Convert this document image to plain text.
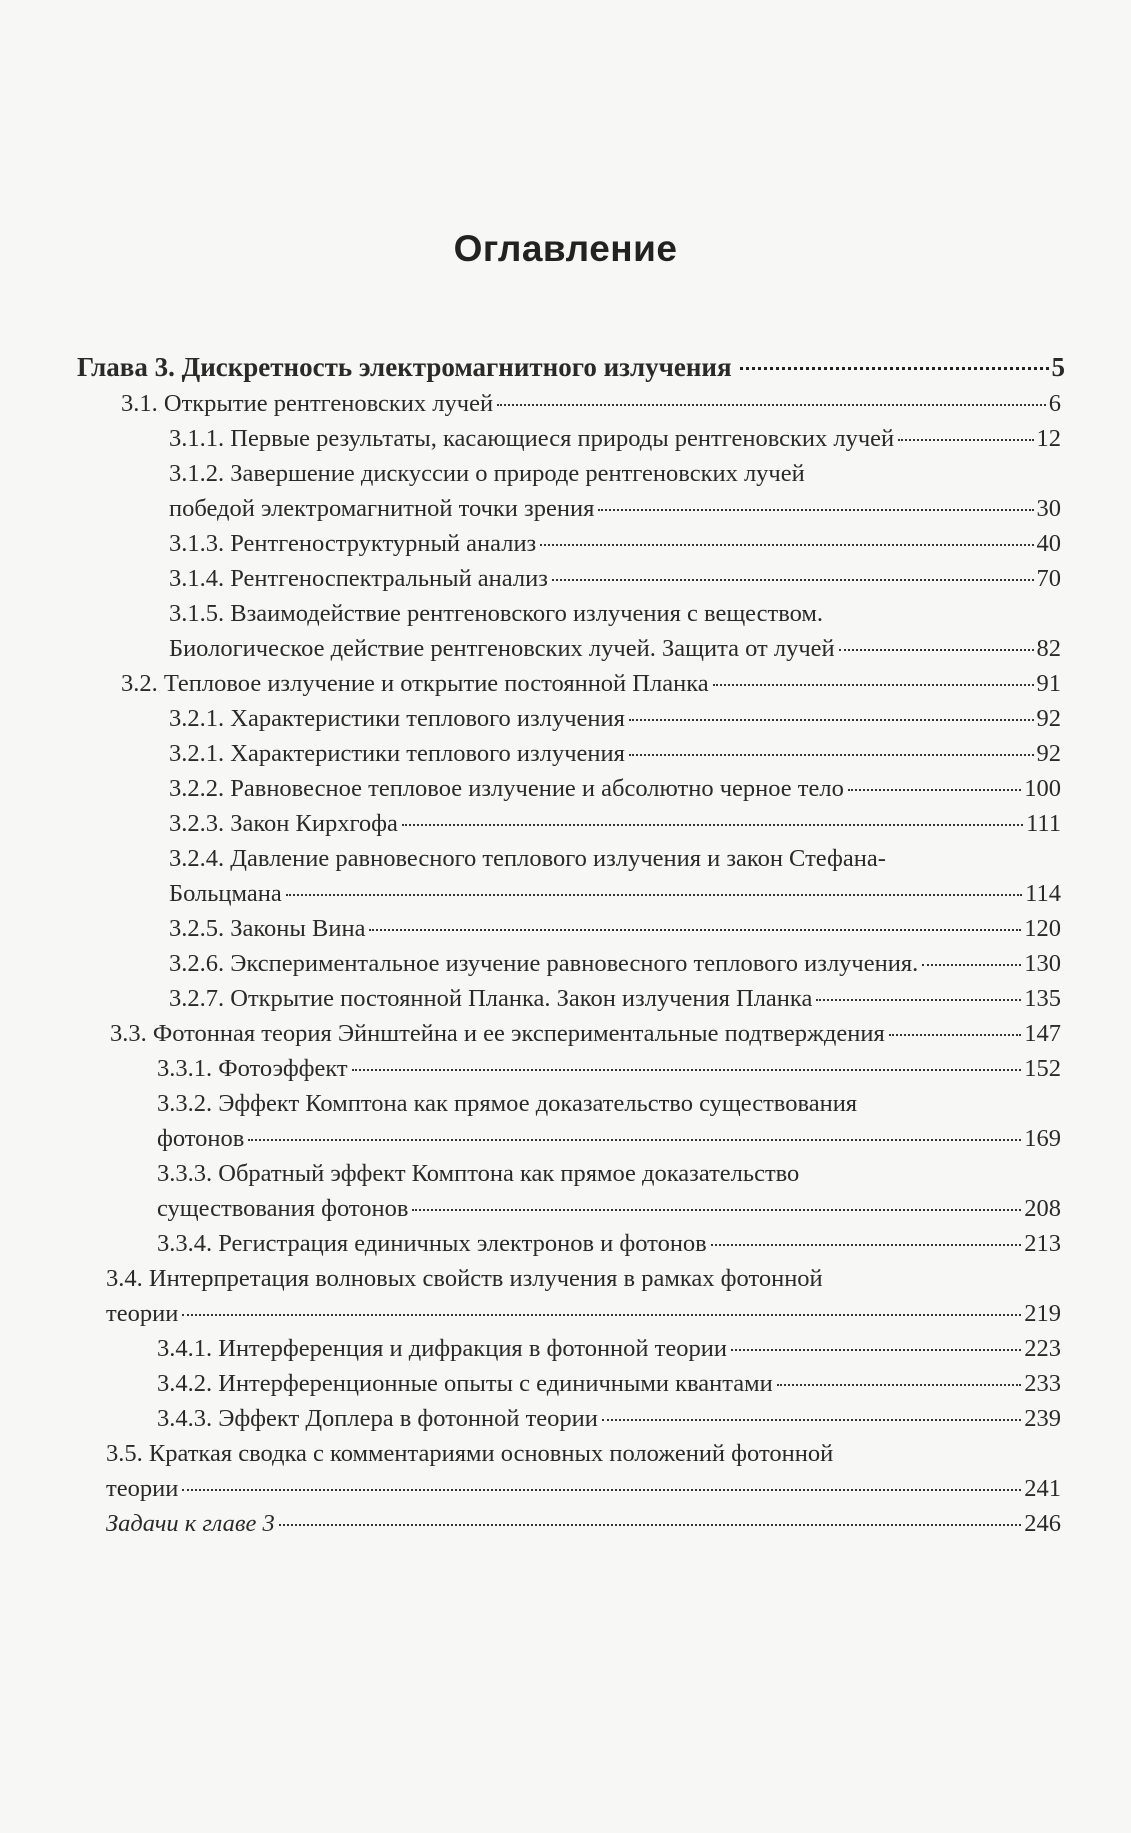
Оглавление
Глава 3. Дискретность электромагнитного излучения	5
3.1. Открытие рентгеновских лучей	6
3.1.1. Первые результаты, касающиеся природы рентгеновских лучей	12
3.1.2. Завершение дискуссии о природе рентгеновских лучей
победой электромагнитной точки зрения	30
3.1.3. Рентгеноструктурный анализ	40
3.1.4. Рентгеноспектральный анализ	70
3.1.5. Взаимодействие рентгеновского излучения с веществом.
Биологическое действие рентгеновских лучей. Защита от лучей	82
3.2. Тепловое излучение и открытие постоянной Планка	91
3.2.1. Характеристики теплового излучения	92
3.2.1. Характеристики теплового излучения	92
3.2.2. Равновесное тепловое излучение и абсолютно черное тело	100
3.2.3. Закон Кирхгофа	111
3.2.4. Давление равновесного теплового излучения и закон Стефана-
Больцмана	114
3.2.5. Законы Вина	120
3.2.6. Экспериментальное изучение равновесного теплового излучения.	130
3.2.7. Открытие постоянной Планка. Закон излучения Планка	135
3.3. Фотонная теория Эйнштейна и ее экспериментальные подтверждения	147
3.3.1. Фотоэффект	152
3.3.2. Эффект Комптона как прямое доказательство существования
фотонов	169
3.3.3. Обратный эффект Комптона как прямое доказательство
существования фотонов	208
3.3.4. Регистрация единичных электронов и фотонов	213
3.4. Интерпретация волновых свойств излучения в рамках фотонной
теории	219
3.4.1. Интерференция и дифракция в фотонной теории	223
3.4.2. Интерференционные опыты с единичными квантами	233
3.4.3. Эффект Доплера в фотонной теории	239
3.5. Краткая сводка с комментариями основных положений фотонной
теории	241
Задачи к главе 3	246
